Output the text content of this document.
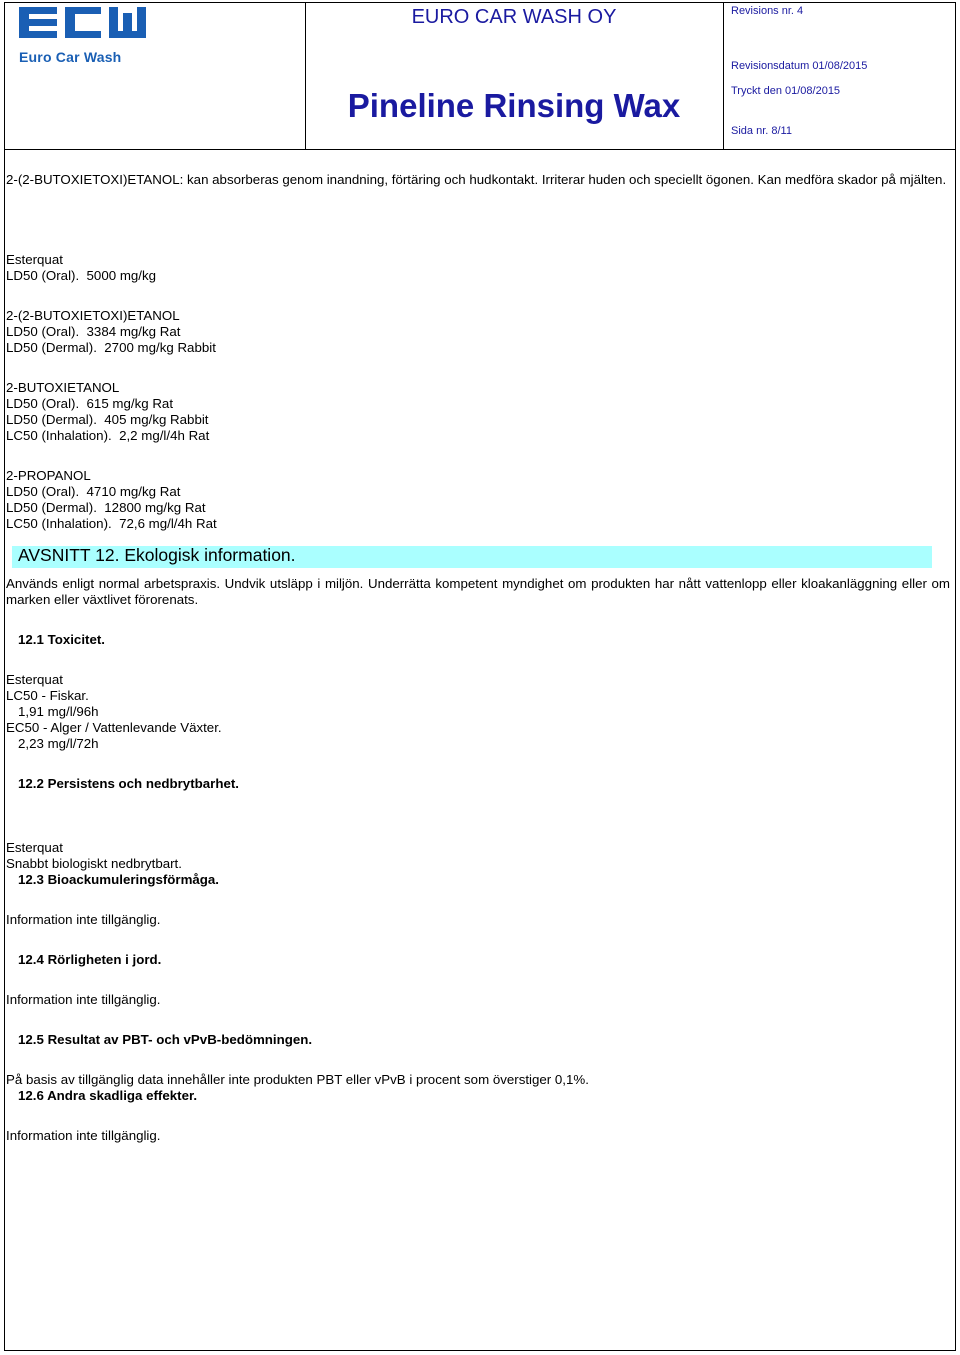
Euro Car Wash
EURO CAR WASH OY
Pineline Rinsing Wax
Revisions nr. 4
Revisionsdatum 01/08/2015
Tryckt den 01/08/2015
Sida nr. 8/11

2-(2-BUTOXIETOXI)ETANOL: kan absorberas genom inandning, förtäring och hudkontakt. Irriterar huden och speciellt ögonen. Kan medföra skador på mjälten.

Esterquat

LD50 (Oral).  5000 mg/kg

2-(2-BUTOXIETOXI)ETANOL

LD50 (Oral).  3384 mg/kg Rat

LD50 (Dermal).  2700 mg/kg Rabbit

2-BUTOXIETANOL

LD50 (Oral).  615 mg/kg Rat

LD50 (Dermal).  405 mg/kg Rabbit

LC50 (Inhalation).  2,2 mg/l/4h Rat

2-PROPANOL

LD50 (Oral).  4710 mg/kg Rat

LD50 (Dermal).  12800 mg/kg Rat

LC50 (Inhalation).  72,6 mg/l/4h Rat

AVSNITT 12. Ekologisk information.

Används enligt normal arbetspraxis. Undvik utsläpp i miljön. Underrätta kompetent myndighet om produkten har nått vattenlopp eller kloakanläggning eller om marken eller växtlivet förorenats.

12.1 Toxicitet.

Esterquat

LC50 - Fiskar.

1,91 mg/l/96h

EC50 - Alger / Vattenlevande Växter.

2,23 mg/l/72h

12.2 Persistens och nedbrytbarhet.

Esterquat

Snabbt biologiskt nedbrytbart.

12.3 Bioackumuleringsförmåga.

Information inte tillgänglig.

12.4 Rörligheten i jord.

Information inte tillgänglig.

12.5 Resultat av PBT- och vPvB-bedömningen.

På basis av tillgänglig data innehåller inte produkten PBT eller vPvB i procent som överstiger 0,1%.

12.6 Andra skadliga effekter.

Information inte tillgänglig.
